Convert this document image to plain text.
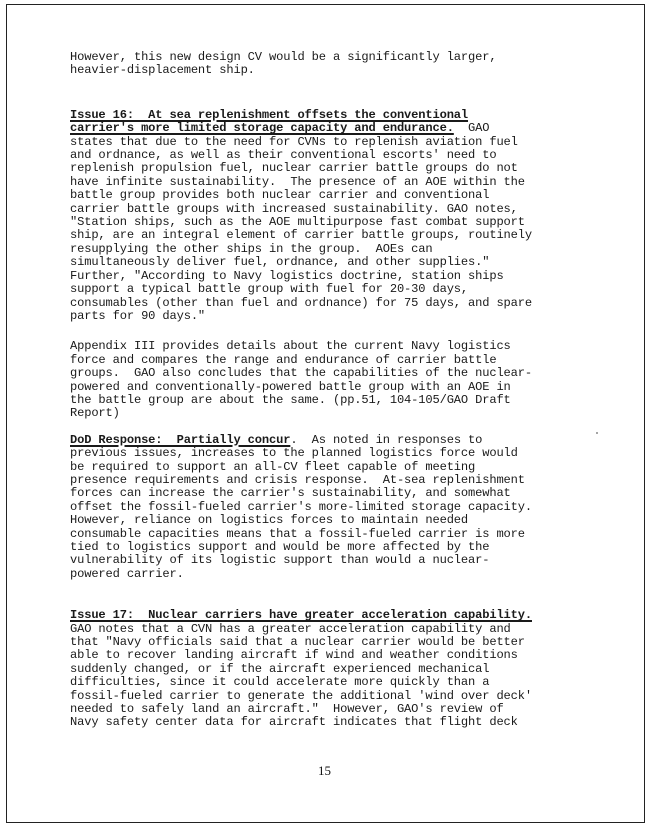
However, this new design CV would be a significantly larger,

heavier-displacement ship.

Issue 16:  At sea replenishment offsets the conventional

carrier's more limited storage capacity and endurance.  GAO

states that due to the need for CVNs to replenish aviation fuel

and ordnance, as well as their conventional escorts' need to

replenish propulsion fuel, nuclear carrier battle groups do not

have infinite sustainability.  The presence of an AOE within the

battle group provides both nuclear carrier and conventional

carrier battle groups with increased sustainability. GAO notes,

"Station ships, such as the AOE multipurpose fast combat support

ship, are an integral element of carrier battle groups, routinely

resupplying the other ships in the group.  AOEs can

simultaneously deliver fuel, ordnance, and other supplies."

Further, "According to Navy logistics doctrine, station ships

support a typical battle group with fuel for 20-30 days,

consumables (other than fuel and ordnance) for 75 days, and spare

parts for 90 days."

Appendix III provides details about the current Navy logistics

force and compares the range and endurance of carrier battle

groups.  GAO also concludes that the capabilities of the nuclear-

powered and conventionally-powered battle group with an AOE in

the battle group are about the same. (pp.51, 104-105/GAO Draft

Report)

DoD Response:  Partially concur.  As noted in responses to

previous issues, increases to the planned logistics force would

be required to support an all-CV fleet capable of meeting

presence requirements and crisis response.  At-sea replenishment

forces can increase the carrier's sustainability, and somewhat

offset the fossil-fueled carrier's more-limited storage capacity.

However, reliance on logistics forces to maintain needed

consumable capacities means that a fossil-fueled carrier is more

tied to logistics support and would be more affected by the

vulnerability of its logistic support than would a nuclear-

powered carrier.

Issue 17:  Nuclear carriers have greater acceleration capability.

GAO notes that a CVN has a greater acceleration capability and

that "Navy officials said that a nuclear carrier would be better

able to recover landing aircraft if wind and weather conditions

suddenly changed, or if the aircraft experienced mechanical

difficulties, since it could accelerate more quickly than a

fossil-fueled carrier to generate the additional 'wind over deck'

needed to safely land an aircraft."  However, GAO's review of

Navy safety center data for aircraft indicates that flight deck

15
